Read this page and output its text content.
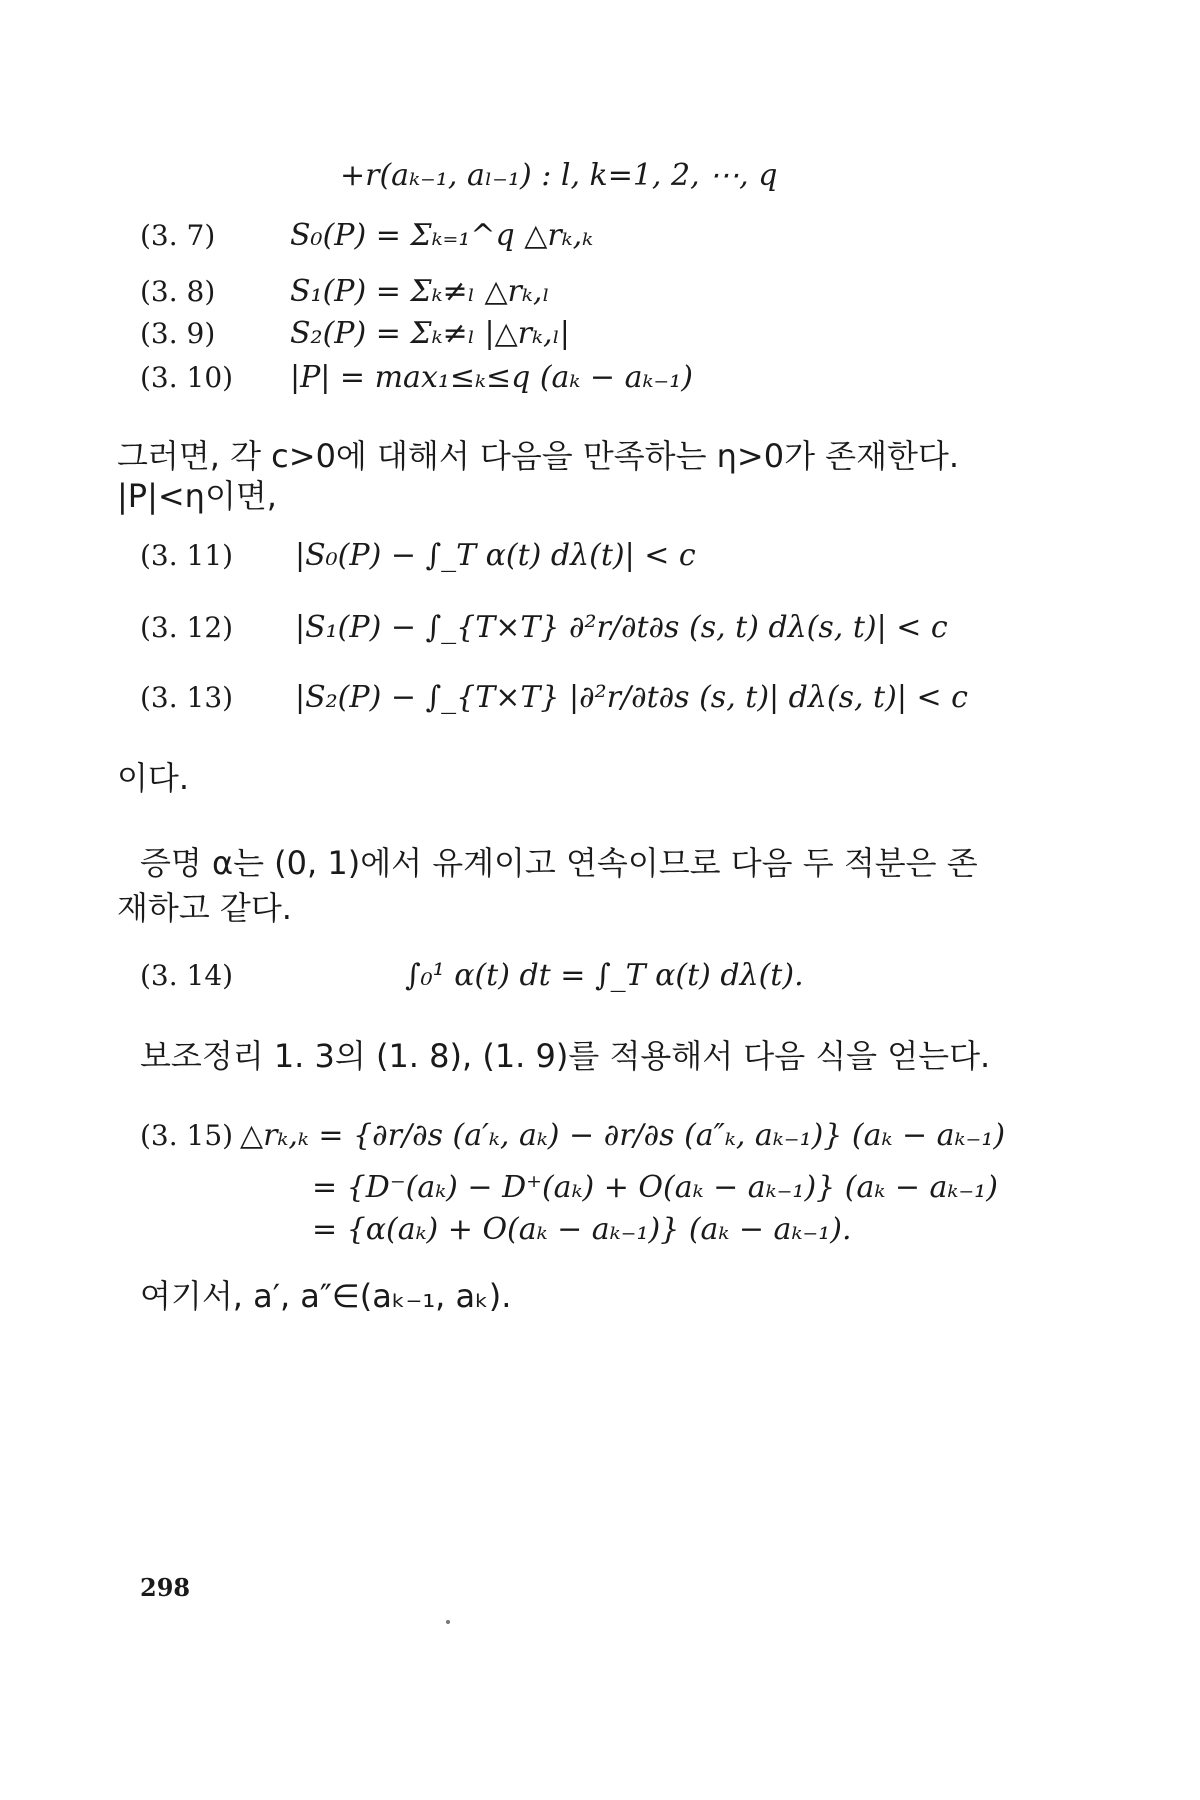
+r(aₖ₋₁, aₗ₋₁) : l, k=1, 2, ⋯, q
(3. 7) S₀(P) = Σₖ₌₁^q △rₖ,ₖ
(3. 8) S₁(P) = Σₖ≠ₗ △rₖ,ₗ
(3. 9) S₂(P) = Σₖ≠ₗ |△rₖ,ₗ|
(3. 10) |P| = max₁≤ₖ≤q (aₖ − aₖ₋₁)
그러면, 각 c>0에 대해서 다음을 만족하는 η>0가 존재한다.
|P|<η이면,
(3. 11) |S₀(P) − ∫_T α(t) dλ(t)| < c
(3. 12) |S₁(P) − ∫_{T×T} ∂²r/∂t∂s (s, t) dλ(s, t)| < c
(3. 13) |S₂(P) − ∫_{T×T} |∂²r/∂t∂s (s, t)| dλ(s, t)| < c
이다.
증명 α는 (0, 1)에서 유계이고 연속이므로 다음 두 적분은 존
재하고 같다.
(3. 14)	∫₀¹ α(t) dt = ∫_T α(t) dλ(t).
보조정리 1. 3의 (1. 8), (1. 9)를 적용해서 다음 식을 얻는다.
(3. 15) △rₖ,ₖ = {∂r/∂s (a′ₖ, aₖ) − ∂r/∂s (a″ₖ, aₖ₋₁)} (aₖ − aₖ₋₁)
= {D⁻(aₖ) − D⁺(aₖ) + O(aₖ − aₖ₋₁)} (aₖ − aₖ₋₁)
= {α(aₖ) + O(aₖ − aₖ₋₁)} (aₖ − aₖ₋₁).
여기서, a′, a″∈(aₖ₋₁, aₖ).
298
